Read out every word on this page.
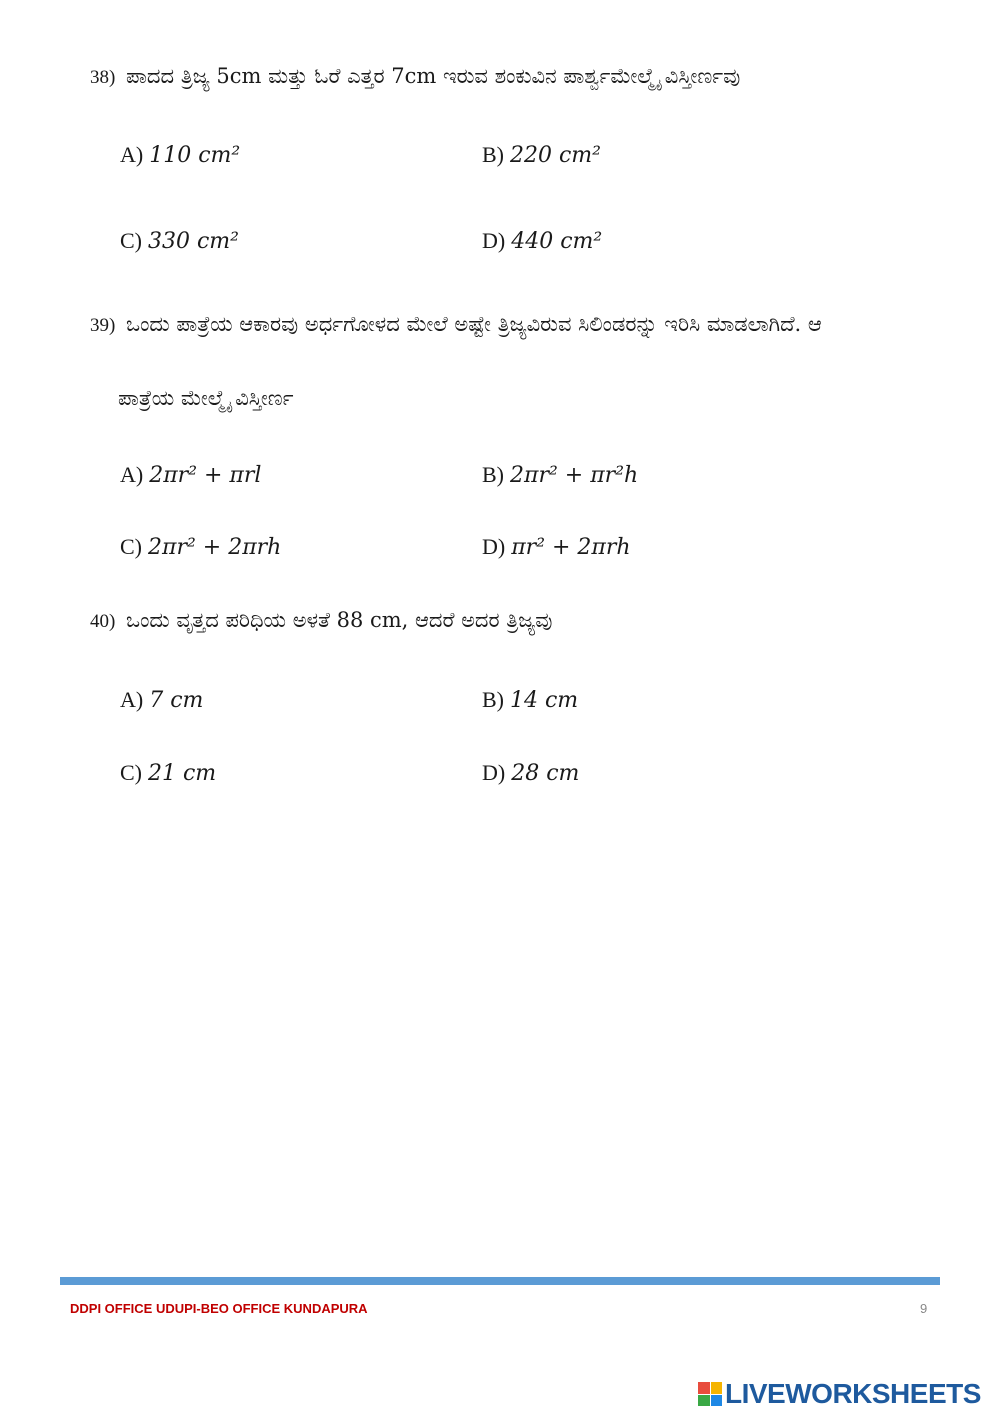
38) ಪಾದದ ತ್ರಿಜ್ಯ 5cm ಮತ್ತು ಓರೆ ಎತ್ತರ 7cm ಇರುವ ಶಂಕುವಿನ ಪಾರ್ಶ್ವಮೇಲ್ಮೈ ವಿಸ್ತೀರ್ಣವು
A) 110 cm²	B) 220 cm²
C) 330 cm²	D) 440 cm²
39) ಒಂದು ಪಾತ್ರೆಯ ಆಕಾರವು ಅರ್ಧಗೋಳದ ಮೇಲೆ ಅಷ್ಟೇ ತ್ರಿಜ್ಯವಿರುವ ಸಿಲಿಂಡರನ್ನು ಇರಿಸಿ ಮಾಡಲಾಗಿದೆ. ಆ
ಪಾತ್ರೆಯ ಮೇಲ್ಮೈ ವಿಸ್ತೀರ್ಣ
A) 2πr² + πrl	B) 2πr² + πr²h
C) 2πr² + 2πrh	D) πr² + 2πrh
40) ಒಂದು ವೃತ್ತದ ಪರಿಧಿಯ ಅಳತೆ 88 cm, ಆದರೆ ಅದರ ತ್ರಿಜ್ಯವು
A) 7 cm	B) 14 cm
C) 21 cm	D) 28 cm
DDPI OFFICE UDUPI-BEO OFFICE KUNDAPURA	9
LIVEWORKSHEETS
